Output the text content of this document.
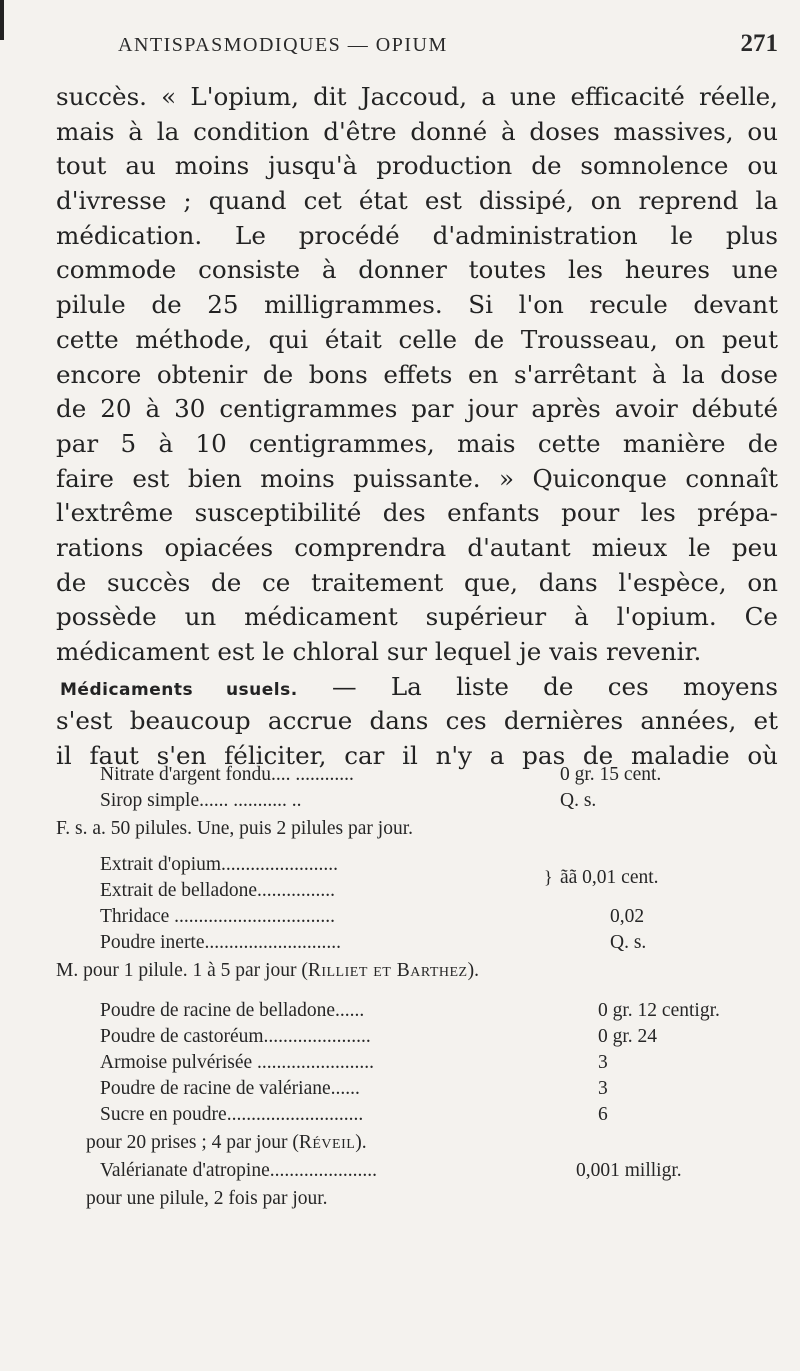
ANTISPASMODIQUES — OPIUM	271
succès. « L'opium, dit Jaccoud, a une efficacité réelle,
mais à la condition d'être donné à doses massives, ou
tout au moins jusqu'à production de somnolence ou
d'ivresse ; quand cet état est dissipé, on reprend la
médication. Le procédé d'administration le plus
commode consiste à donner toutes les heures une
pilule de 25 milligrammes. Si l'on recule devant
cette méthode, qui était celle de Trousseau, on peut
encore obtenir de bons effets en s'arrêtant à la dose
de 20 à 30 centigrammes par jour après avoir débuté
par 5 à 10 centigrammes, mais cette manière de
faire est bien moins puissante. » Quiconque connaît
l'extrême susceptibilité des enfants pour les prépa-
rations opiacées comprendra d'autant mieux le peu
de succès de ce traitement que, dans l'espèce, on
possède un médicament supérieur à l'opium. Ce
médicament est le chloral sur lequel je vais revenir.
Médicaments usuels. — La liste de ces moyens
s'est beaucoup accrue dans ces dernières années, et
il faut s'en féliciter, car il n'y a pas de maladie où
Nitrate d'argent fondu.... ............	0 gr. 15 cent.
Sirop simple...... ........... ..	Q. s.
F. s. a. 50 pilules. Une, puis 2 pilules par jour.
Extrait d'opium........................
Extrait de belladone................
} ãã 0,01 cent.
Thridace .................................	0,02
Poudre inerte............................	Q. s.
M. pour 1 pilule. 1 à 5 par jour (Rilliet et Barthez).
Poudre de racine de belladone......	0 gr. 12 centigr.
Poudre de castoréum......................	0 gr. 24
Armoise pulvérisée ........................	3
Poudre de racine de valériane......	3
Sucre en poudre............................	6
pour 20 prises ; 4 par jour (Réveil).
Valérianate d'atropine......................	0,001 milligr.
pour une pilule, 2 fois par jour.
